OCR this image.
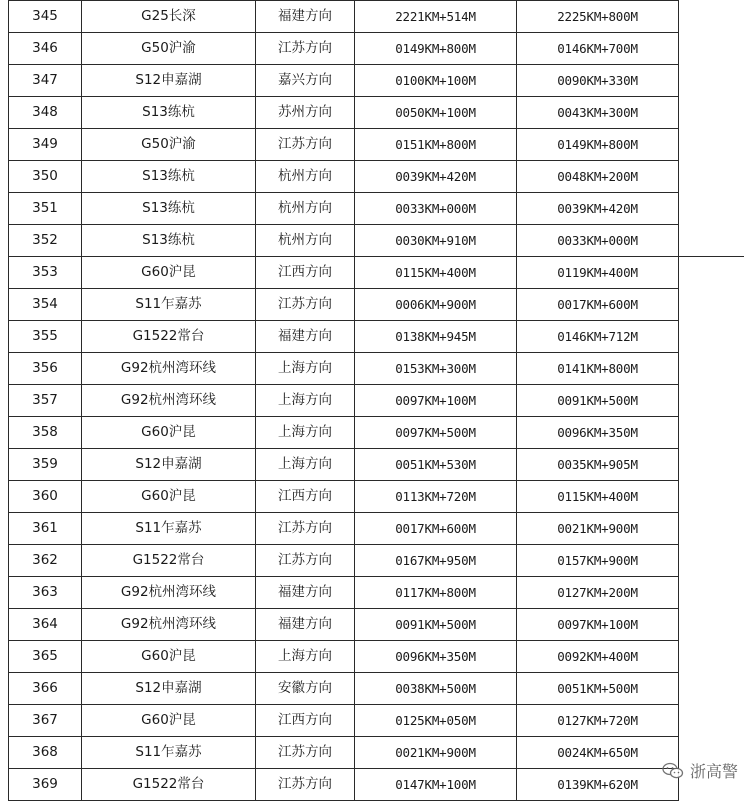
345	G25长深	福建方向	2221KM+514M	2225KM+800M
346	G50沪渝	江苏方向	0149KM+800M	0146KM+700M
347	S12申嘉湖	嘉兴方向	0100KM+100M	0090KM+330M
348	S13练杭	苏州方向	0050KM+100M	0043KM+300M
349	G50沪渝	江苏方向	0151KM+800M	0149KM+800M
350	S13练杭	杭州方向	0039KM+420M	0048KM+200M
351	S13练杭	杭州方向	0033KM+000M	0039KM+420M
352	S13练杭	杭州方向	0030KM+910M	0033KM+000M
353	G60沪昆	江西方向	0115KM+400M	0119KM+400M
354	S11乍嘉苏	江苏方向	0006KM+900M	0017KM+600M
355	G1522常台	福建方向	0138KM+945M	0146KM+712M
356	G92杭州湾环线	上海方向	0153KM+300M	0141KM+800M
357	G92杭州湾环线	上海方向	0097KM+100M	0091KM+500M
358	G60沪昆	上海方向	0097KM+500M	0096KM+350M
359	S12申嘉湖	上海方向	0051KM+530M	0035KM+905M
360	G60沪昆	江西方向	0113KM+720M	0115KM+400M
361	S11乍嘉苏	江苏方向	0017KM+600M	0021KM+900M
362	G1522常台	江苏方向	0167KM+950M	0157KM+900M
363	G92杭州湾环线	福建方向	0117KM+800M	0127KM+200M
364	G92杭州湾环线	福建方向	0091KM+500M	0097KM+100M
365	G60沪昆	上海方向	0096KM+350M	0092KM+400M
366	S12申嘉湖	安徽方向	0038KM+500M	0051KM+500M
367	G60沪昆	江西方向	0125KM+050M	0127KM+720M
368	S11乍嘉苏	江苏方向	0021KM+900M	0024KM+650M
369	G1522常台	江苏方向	0147KM+100M	0139KM+620M
浙高警
